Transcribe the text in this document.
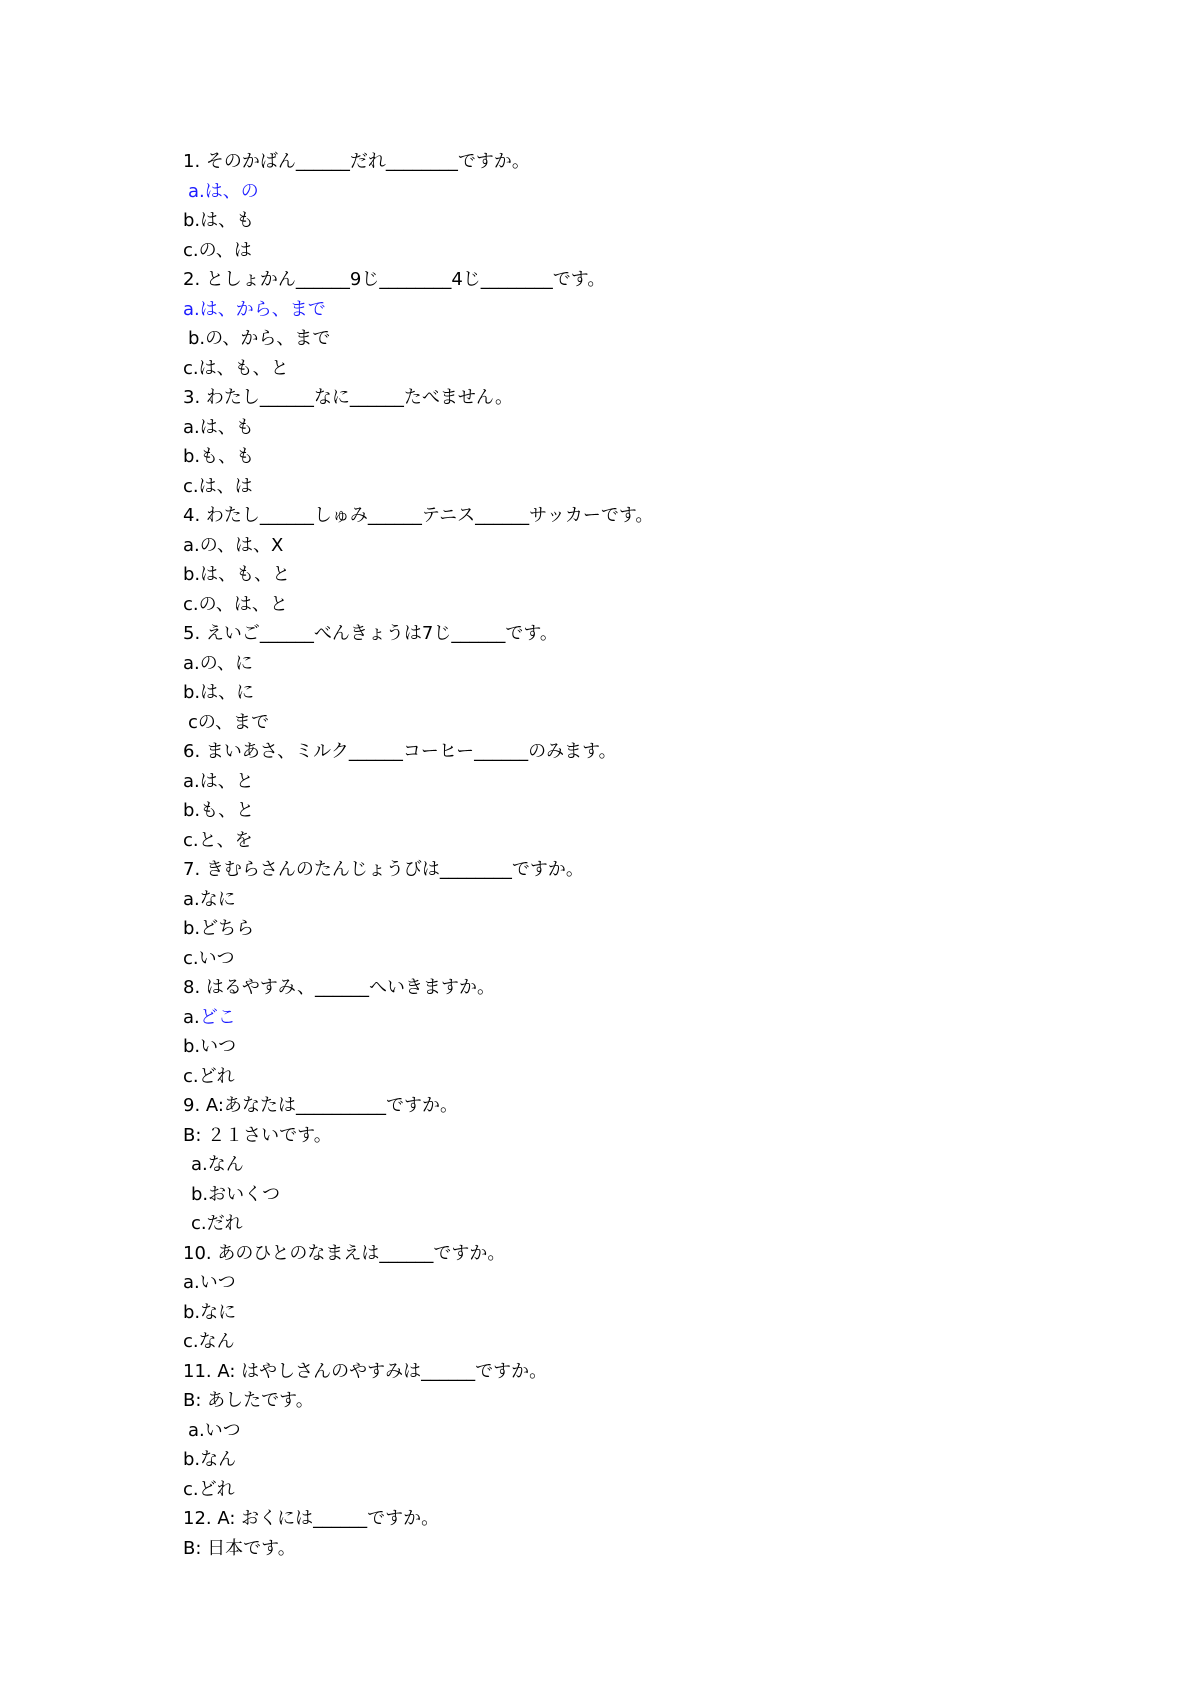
1. そのかばん______だれ________ですか。
a.は、の
b.は、も
c.の、は
2. としょかん______9じ________4じ________です。
a.は、から、まで
b.の、から、まで
c.は、も、と
3. わたし______なに______たべません。
a.は、も
b.も、も
c.は、は
4. わたし______しゅみ______テニス______サッカーです。
a.の、は、X
b.は、も、と
c.の、は、と
5. えいご______べんきょうは7じ______です。
a.の、に
b.は、に
cの、まで
6. まいあさ、ミルク______コーヒー______のみます。
a.は、と
b.も、と
c.と、を
7. きむらさんのたんじょうびは________ですか。
a.なに
b.どちら
c.いつ
8. はるやすみ、______へいきますか。
a.どこ
b.いつ
c.どれ
9. A:あなたは__________ですか。
B: ２１さいです。
a.なん
b.おいくつ
c.だれ
10. あのひとのなまえは______ですか。
a.いつ
b.なに
c.なん
11. A: はやしさんのやすみは______ですか。
B: あしたです。
a.いつ
b.なん
c.どれ
12. A: おくには______ですか。
B: 日本です。
